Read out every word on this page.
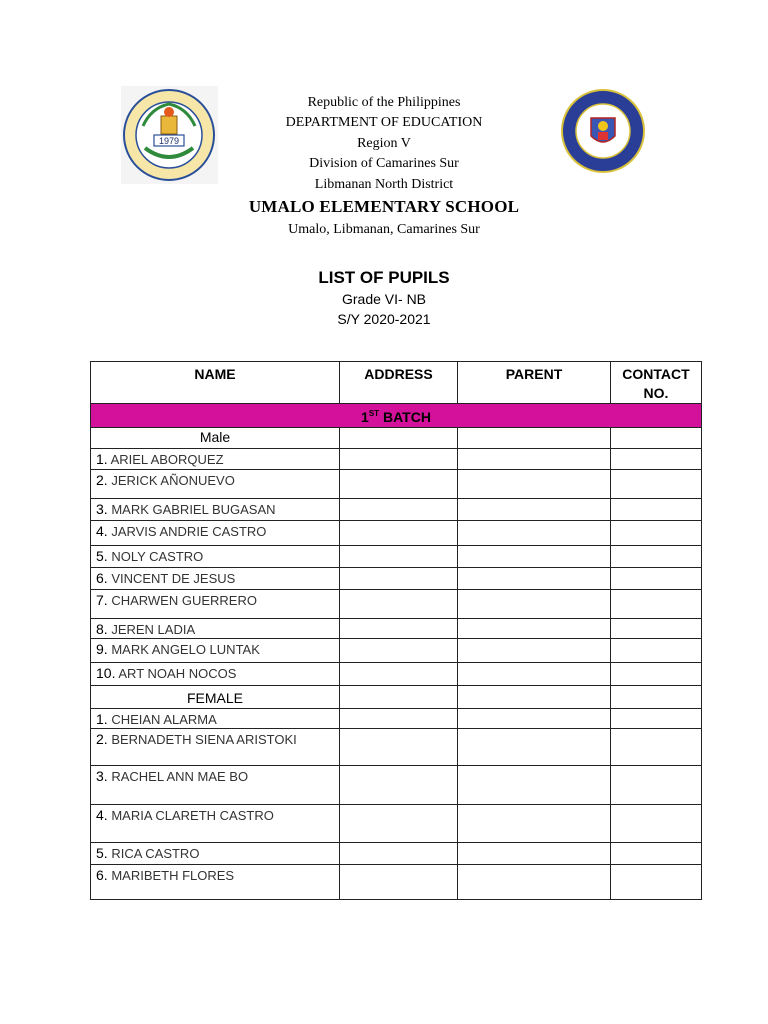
1979
Republic of the Philippines
DEPARTMENT OF EDUCATION
Region V
Division of Camarines Sur
Libmanan North District
UMALO ELEMENTARY SCHOOL
Umalo, Libmanan, Camarines Sur
LIST OF PUPILS
Grade VI- NB
S/Y 2020-2021
NAME	ADDRESS	PARENT	CONTACT
NO.
1ST BATCH			
Male			
1. ARIEL ABORQUEZ			
2. JERICK AÑONUEVO			
3. MARK GABRIEL BUGASAN			
4. JARVIS ANDRIE CASTRO			
5. NOLY CASTRO			
6. VINCENT DE JESUS			
7. CHARWEN GUERRERO			
8. JEREN LADIA			
9. MARK ANGELO LUNTAK			
10. ART NOAH NOCOS			
FEMALE			
1. CHEIAN ALARMA			
2. BERNADETH SIENA ARISTOKI			
3. RACHEL ANN MAE BO			
4. MARIA CLARETH CASTRO			
5. RICA CASTRO			
6. MARIBETH FLORES			
